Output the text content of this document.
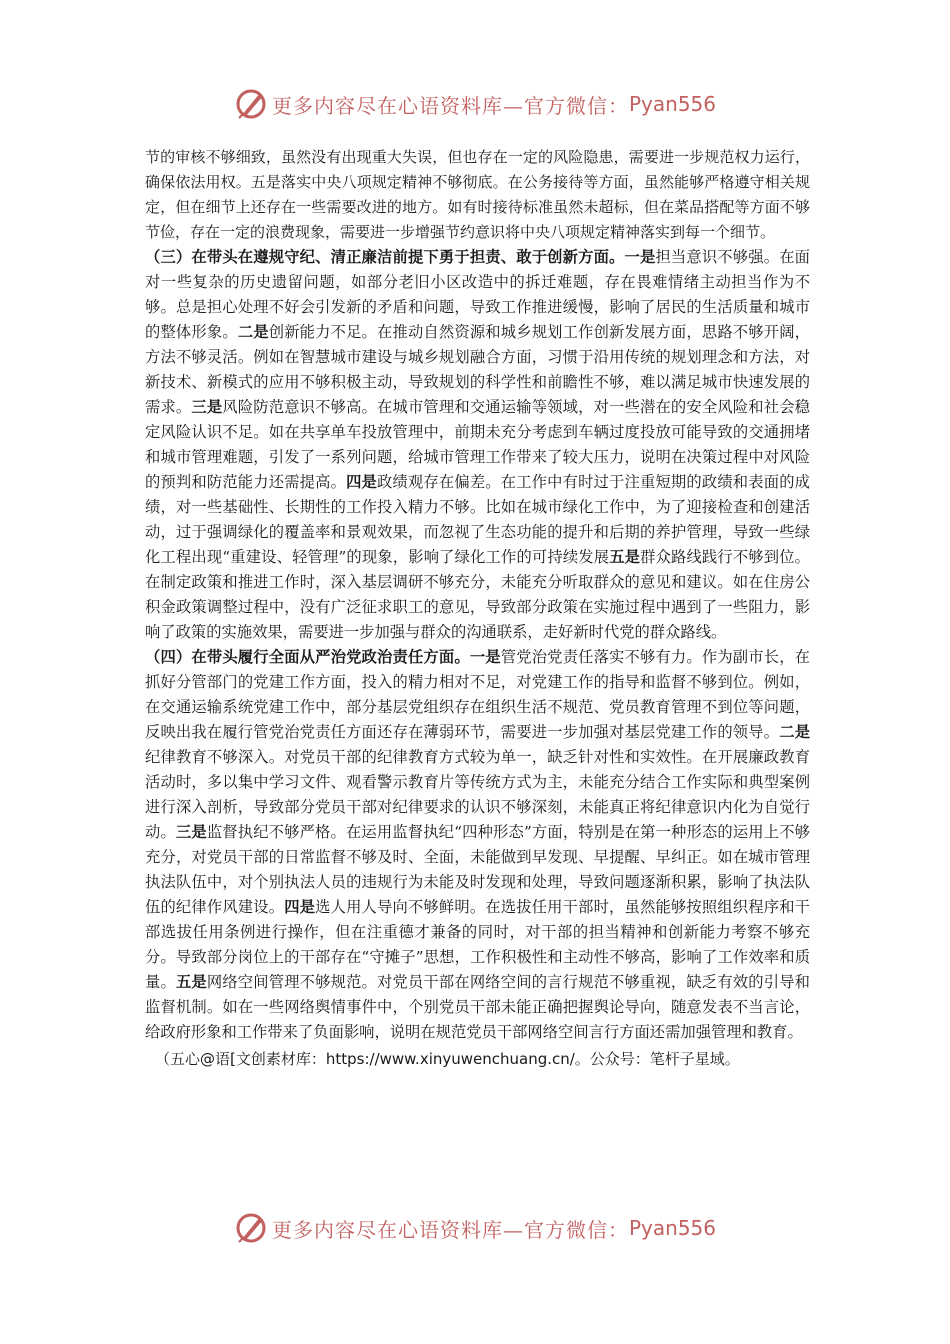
更多内容尽在心语资料库—官方微信： Pyan556

节的审核不够细致，虽然没有出现重大失误，但也存在一定的风险隐患，需要进一步规范权力运行，确保依法用权。五是落实中央八项规定精神不够彻底。在公务接待等方面，虽然能够严格遵守相关规定，但在细节上还存在一些需要改进的地方。如有时接待标准虽然未超标，但在菜品搭配等方面不够节俭，存在一定的浪费现象，需要进一步增强节约意识将中央八项规定精神落实到每一个细节。

（三）在带头在遵规守纪、清正廉洁前提下勇于担责、敢于创新方面。一是担当意识不够强。在面对一些复杂的历史遗留问题，如部分老旧小区改造中的拆迁难题，存在畏难情绪主动担当作为不够。总是担心处理不好会引发新的矛盾和问题，导致工作推进缓慢，影响了居民的生活质量和城市的整体形象。二是创新能力不足。在推动自然资源和城乡规划工作创新发展方面，思路不够开阔，方法不够灵活。例如在智慧城市建设与城乡规划融合方面，习惯于沿用传统的规划理念和方法，对新技术、新模式的应用不够积极主动，导致规划的科学性和前瞻性不够，难以满足城市快速发展的需求。三是风险防范意识不够高。在城市管理和交通运输等领域，对一些潜在的安全风险和社会稳定风险认识不足。如在共享单车投放管理中，前期未充分考虑到车辆过度投放可能导致的交通拥堵和城市管理难题，引发了一系列问题，给城市管理工作带来了较大压力，说明在决策过程中对风险的预判和防范能力还需提高。四是政绩观存在偏差。在工作中有时过于注重短期的政绩和表面的成绩，对一些基础性、长期性的工作投入精力不够。比如在城市绿化工作中，为了迎接检查和创建活动，过于强调绿化的覆盖率和景观效果，而忽视了生态功能的提升和后期的养护管理，导致一些绿化工程出现“重建设、轻管理”的现象，影响了绿化工作的可持续发展五是群众路线践行不够到位。在制定政策和推进工作时，深入基层调研不够充分，未能充分听取群众的意见和建议。如在住房公积金政策调整过程中，没有广泛征求职工的意见，导致部分政策在实施过程中遇到了一些阻力，影响了政策的实施效果，需要进一步加强与群众的沟通联系，走好新时代党的群众路线。

（四）在带头履行全面从严治党政治责任方面。一是管党治党责任落实不够有力。作为副市长，在抓好分管部门的党建工作方面，投入的精力相对不足，对党建工作的指导和监督不够到位。例如，在交通运输系统党建工作中，部分基层党组织存在组织生活不规范、党员教育管理不到位等问题，反映出我在履行管党治党责任方面还存在薄弱环节，需要进一步加强对基层党建工作的领导。二是纪律教育不够深入。对党员干部的纪律教育方式较为单一，缺乏针对性和实效性。在开展廉政教育活动时，多以集中学习文件、观看警示教育片等传统方式为主，未能充分结合工作实际和典型案例进行深入剖析，导致部分党员干部对纪律要求的认识不够深刻，未能真正将纪律意识内化为自觉行动。三是监督执纪不够严格。在运用监督执纪“四种形态”方面，特别是在第一种形态的运用上不够充分，对党员干部的日常监督不够及时、全面，未能做到早发现、早提醒、早纠正。如在城市管理执法队伍中，对个别执法人员的违规行为未能及时发现和处理，导致问题逐渐积累，影响了执法队伍的纪律作风建设。四是选人用人导向不够鲜明。在选拔任用干部时，虽然能够按照组织程序和干部选拔任用条例进行操作，但在注重德才兼备的同时，对干部的担当精神和创新能力考察不够充分。导致部分岗位上的干部存在“守摊子”思想，工作积极性和主动性不够高，影响了工作效率和质量。五是网络空间管理不够规范。对党员干部在网络空间的言行规范不够重视，缺乏有效的引导和监督机制。如在一些网络舆情事件中，个别党员干部未能正确把握舆论导向，随意发表不当言论，给政府形象和工作带来了负面影响，说明在规范党员干部网络空间言行方面还需加强管理和教育。

（五心@语[文创素材库：https://www.xinyuwenchuang.cn/。公众号：笔杆子星域。

更多内容尽在心语资料库—官方微信： Pyan556
